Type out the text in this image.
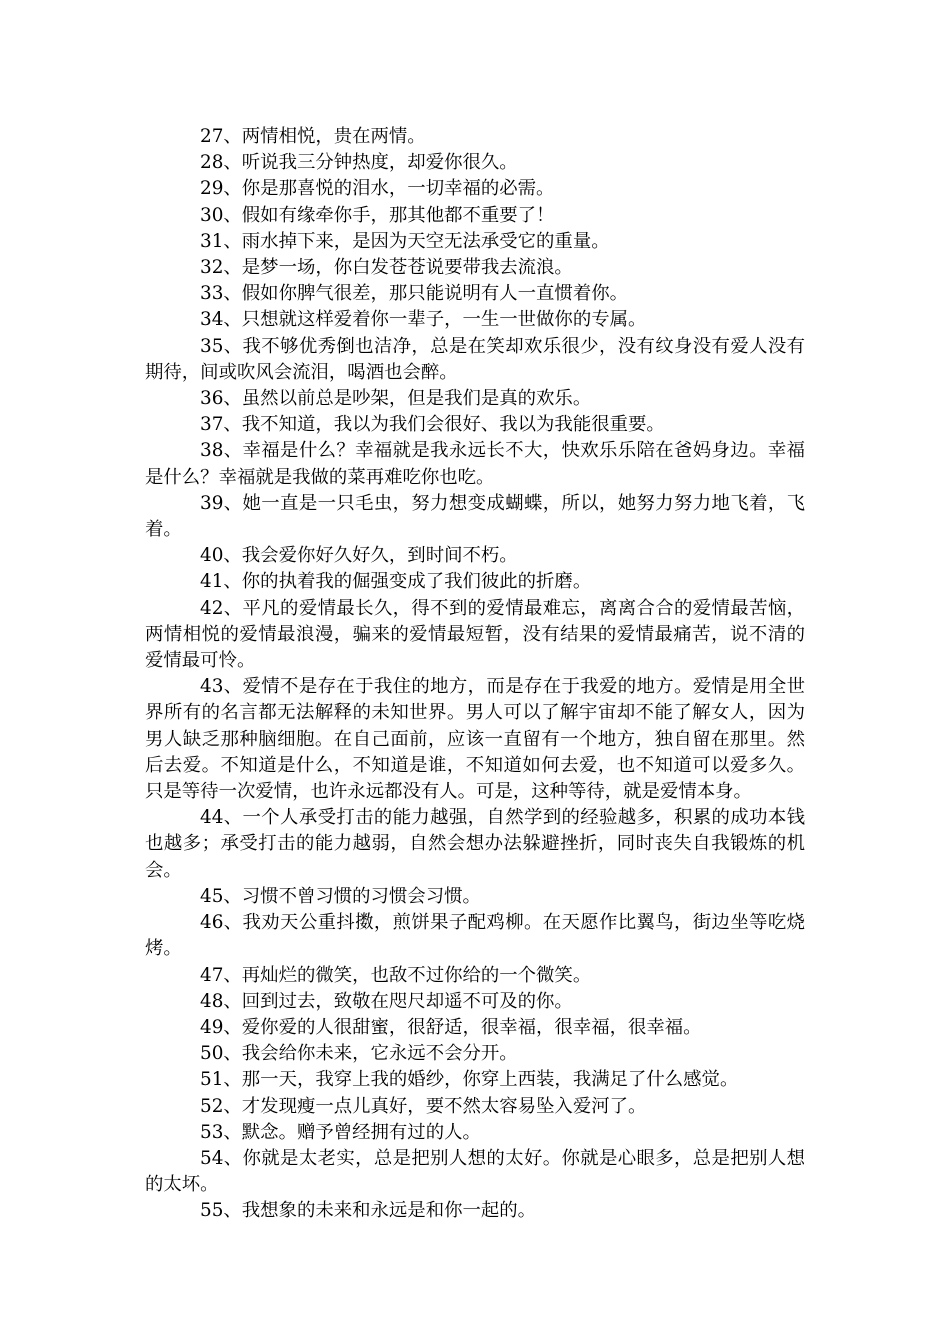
27、两情相悦，贵在两情。

28、听说我三分钟热度，却爱你很久。

29、你是那喜悦的泪水，一切幸福的必需。

30、假如有缘牵你手，那其他都不重要了！

31、雨水掉下来，是因为天空无法承受它的重量。

32、是梦一场，你白发苍苍说要带我去流浪。

33、假如你脾气很差，那只能说明有人一直惯着你。

34、只想就这样爱着你一辈子，一生一世做你的专属。

35、我不够优秀倒也洁净，总是在笑却欢乐很少，没有纹身没有爱人没有期待，间或吹风会流泪，喝酒也会醉。

36、虽然以前总是吵架，但是我们是真的欢乐。

37、我不知道，我以为我们会很好、我以为我能很重要。

38、幸福是什么？幸福就是我永远长不大，快欢乐乐陪在爸妈身边。幸福是什么？幸福就是我做的菜再难吃你也吃。

39、她一直是一只毛虫，努力想变成蝴蝶，所以，她努力努力地飞着，飞着。

40、我会爱你好久好久，到时间不朽。

41、你的执着我的倔强变成了我们彼此的折磨。

42、平凡的爱情最长久，得不到的爱情最难忘，离离合合的爱情最苦恼，两情相悦的爱情最浪漫，骗来的爱情最短暂，没有结果的爱情最痛苦，说不清的爱情最可怜。

43、爱情不是存在于我住的地方，而是存在于我爱的地方。爱情是用全世界所有的名言都无法解释的未知世界。男人可以了解宇宙却不能了解女人，因为男人缺乏那种脑细胞。在自己面前，应该一直留有一个地方，独自留在那里。然后去爱。不知道是什么，不知道是谁，不知道如何去爱，也不知道可以爱多久。只是等待一次爱情，也许永远都没有人。可是，这种等待，就是爱情本身。

44、一个人承受打击的能力越强，自然学到的经验越多，积累的成功本钱也越多；承受打击的能力越弱，自然会想办法躲避挫折，同时丧失自我锻炼的机会。

45、习惯不曾习惯的习惯会习惯。

46、我劝天公重抖擞，煎饼果子配鸡柳。在天愿作比翼鸟，街边坐等吃烧烤。

47、再灿烂的微笑，也敌不过你给的一个微笑。

48、回到过去，致敬在咫尺却遥不可及的你。

49、爱你爱的人很甜蜜，很舒适，很幸福，很幸福，很幸福。

50、我会给你未来，它永远不会分开。

51、那一天，我穿上我的婚纱，你穿上西装，我满足了什么感觉。

52、才发现瘦一点儿真好，要不然太容易坠入爱河了。

53、默念。赠予曾经拥有过的人。

54、你就是太老实，总是把别人想的太好。你就是心眼多，总是把别人想的太坏。

55、我想象的未来和永远是和你一起的。
